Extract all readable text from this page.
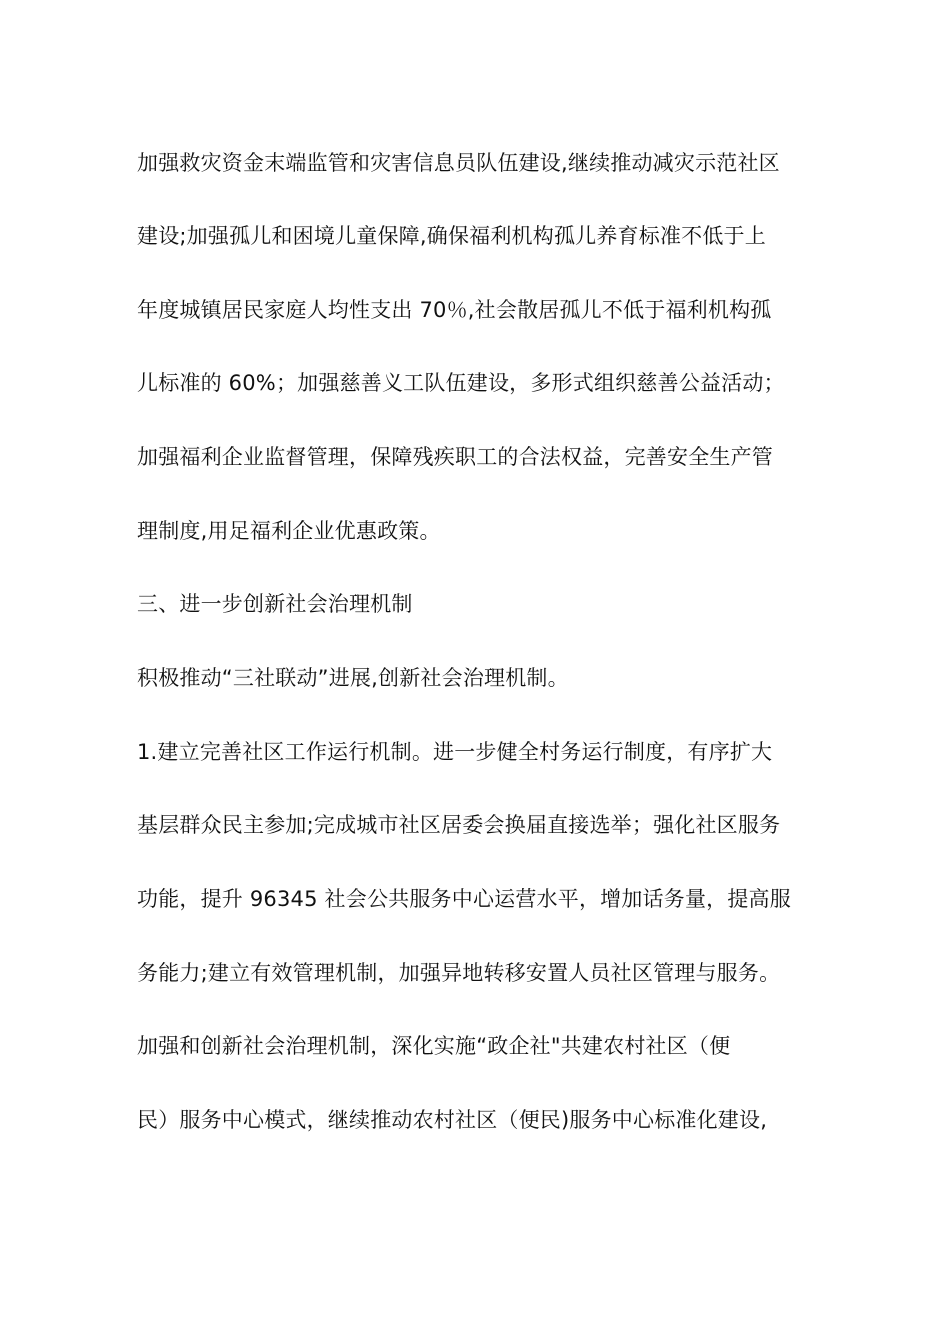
加强救灾资金末端监管和灾害信息员队伍建设,继续推动减灾示范社区
建设;加强孤儿和困境儿童保障,确保福利机构孤儿养育标准不低于上
年度城镇居民家庭人均性支出 70％,社会散居孤儿不低于福利机构孤
儿标准的 60%；加强慈善义工队伍建设，多形式组织慈善公益活动；
加强福利企业监督管理，保障残疾职工的合法权益，完善安全生产管
理制度,用足福利企业优惠政策。
三、进一步创新社会治理机制
积极推动“三社联动”进展,创新社会治理机制。
1.建立完善社区工作运行机制。进一步健全村务运行制度，有序扩大
基层群众民主参加;完成城市社区居委会换届直接选举；强化社区服务
功能，提升 96345 社会公共服务中心运营水平，增加话务量，提高服
务能力;建立有效管理机制，加强异地转移安置人员社区管理与服务。
加强和创新社会治理机制，深化实施“政企社"共建农村社区（便
民）服务中心模式，继续推动农村社区（便民)服务中心标准化建设,
